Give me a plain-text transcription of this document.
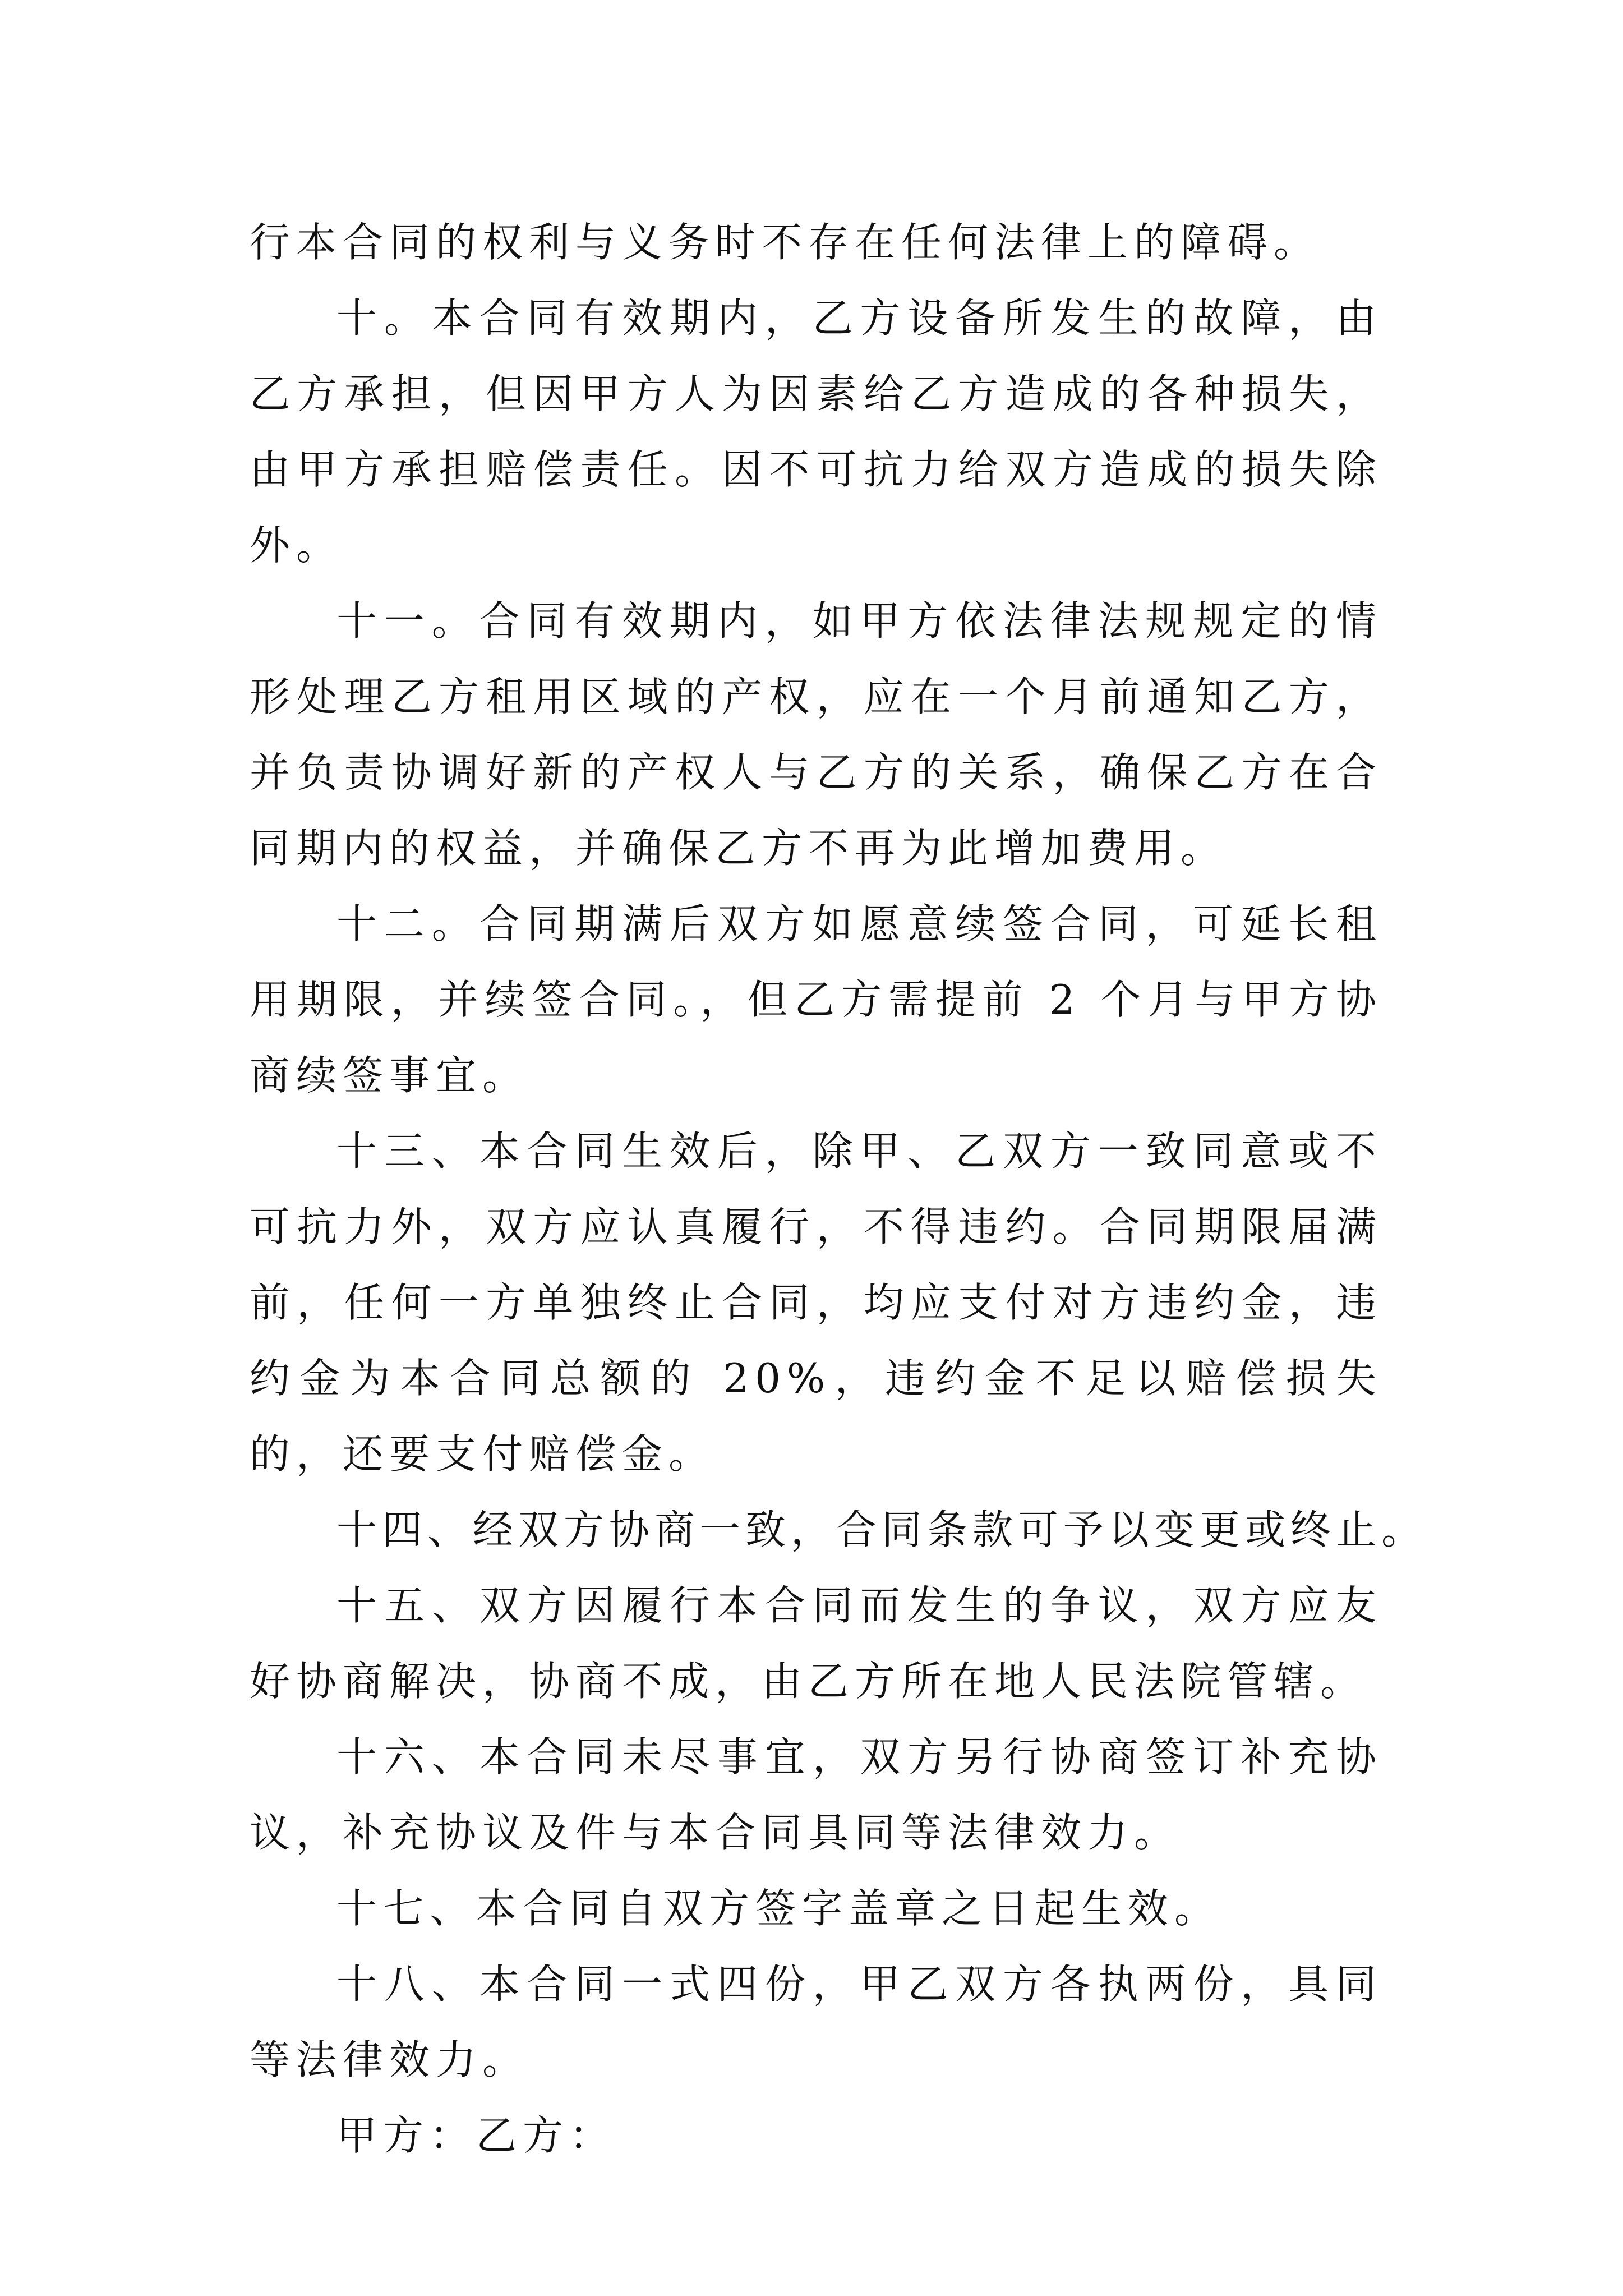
行本合同的权利与义务时不存在任何法律上的障碍。

十。本合同有效期内，乙方设备所发生的故障，由乙方承担，但因甲方人为因素给乙方造成的各种损失，由甲方承担赔偿责任。因不可抗力给双方造成的损失除外。

十一。合同有效期内，如甲方依法律法规规定的情形处理乙方租用区域的产权，应在一个月前通知乙方，并负责协调好新的产权人与乙方的关系，确保乙方在合同期内的权益，并确保乙方不再为此增加费用。

十二。合同期满后双方如愿意续签合同，可延长租用期限，并续签合同。，但乙方需提前 2 个月与甲方协商续签事宜。

十三、本合同生效后，除甲、乙双方一致同意或不可抗力外，双方应认真履行，不得违约。合同期限届满前，任何一方单独终止合同，均应支付对方违约金，违约金为本合同总额的 20%，违约金不足以赔偿损失的，还要支付赔偿金。

十四、经双方协商一致，合同条款可予以变更或终止。

十五、双方因履行本合同而发生的争议，双方应友好协商解决，协商不成，由乙方所在地人民法院管辖。

十六、本合同未尽事宜，双方另行协商签订补充协议，补充协议及件与本合同具同等法律效力。

十七、本合同自双方签字盖章之日起生效。

十八、本合同一式四份，甲乙双方各执两份，具同等法律效力。

甲方：乙方：
